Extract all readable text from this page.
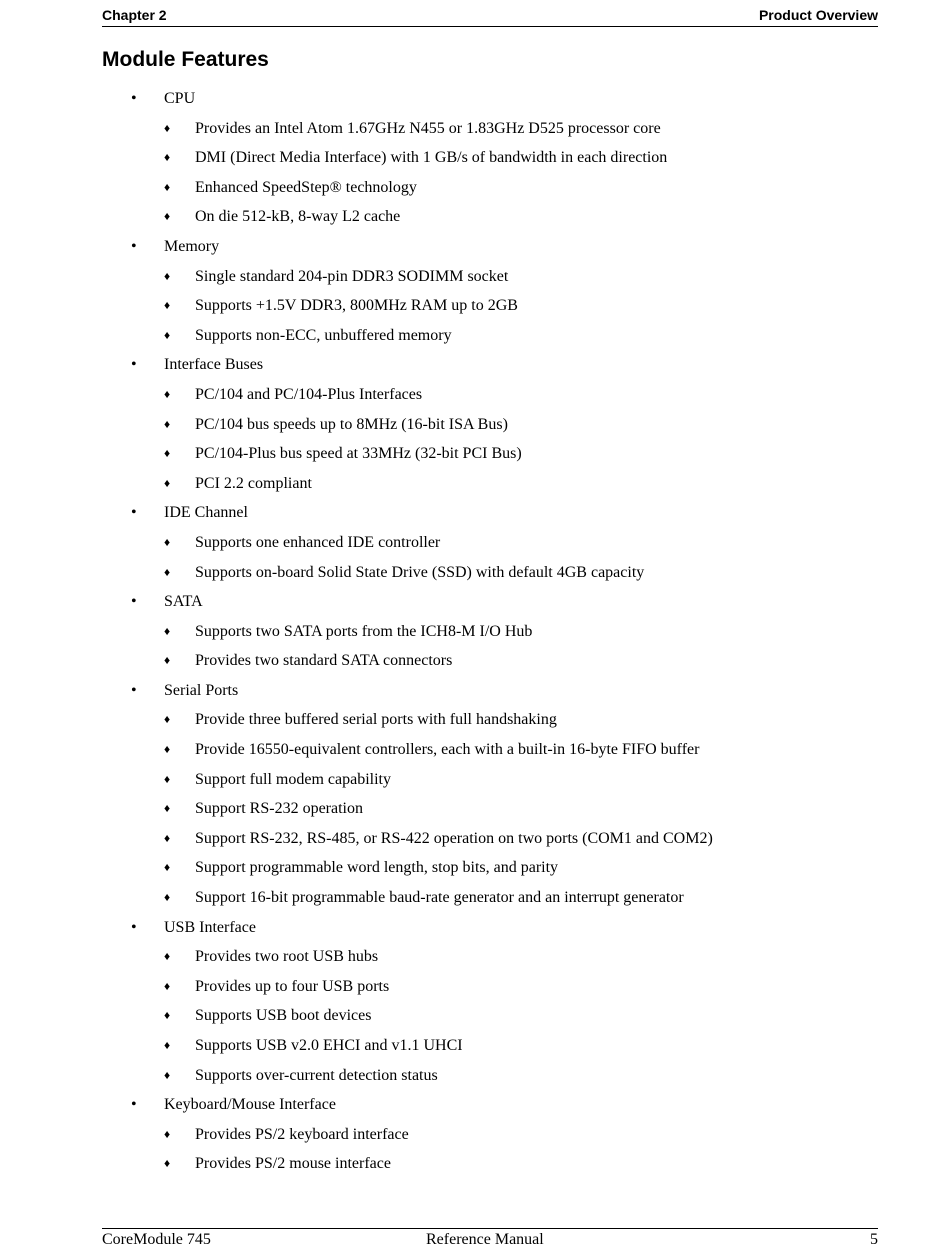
Chapter 2	Product Overview
Module Features
• CPU
♦ Provides an Intel Atom 1.67GHz N455 or 1.83GHz D525 processor core
♦ DMI (Direct Media Interface) with 1 GB/s of bandwidth in each direction
♦ Enhanced SpeedStep® technology
♦ On die 512-kB, 8-way L2 cache
• Memory
♦ Single standard 204-pin DDR3 SODIMM socket
♦ Supports +1.5V DDR3, 800MHz RAM up to 2GB
♦ Supports non-ECC, unbuffered memory
• Interface Buses
♦ PC/104 and PC/104-Plus Interfaces
♦ PC/104 bus speeds up to 8MHz (16-bit ISA Bus)
♦ PC/104-Plus bus speed at 33MHz (32-bit PCI Bus)
♦ PCI 2.2 compliant
• IDE Channel
♦ Supports one enhanced IDE controller
♦ Supports on-board Solid State Drive (SSD) with default 4GB capacity
• SATA
♦ Supports two SATA ports from the ICH8-M I/O Hub
♦ Provides two standard SATA connectors
• Serial Ports
♦ Provide three buffered serial ports with full handshaking
♦ Provide 16550-equivalent controllers, each with a built-in 16-byte FIFO buffer
♦ Support full modem capability
♦ Support RS-232 operation
♦ Support RS-232, RS-485, or RS-422 operation on two ports (COM1 and COM2)
♦ Support programmable word length, stop bits, and parity
♦ Support 16-bit programmable baud-rate generator and an interrupt generator
• USB Interface
♦ Provides two root USB hubs
♦ Provides up to four USB ports
♦ Supports USB boot devices
♦ Supports USB v2.0 EHCI and v1.1 UHCI
♦ Supports over-current detection status
• Keyboard/Mouse Interface
♦ Provides PS/2 keyboard interface
♦ Provides PS/2 mouse interface
CoreModule 745	Reference Manual	5
